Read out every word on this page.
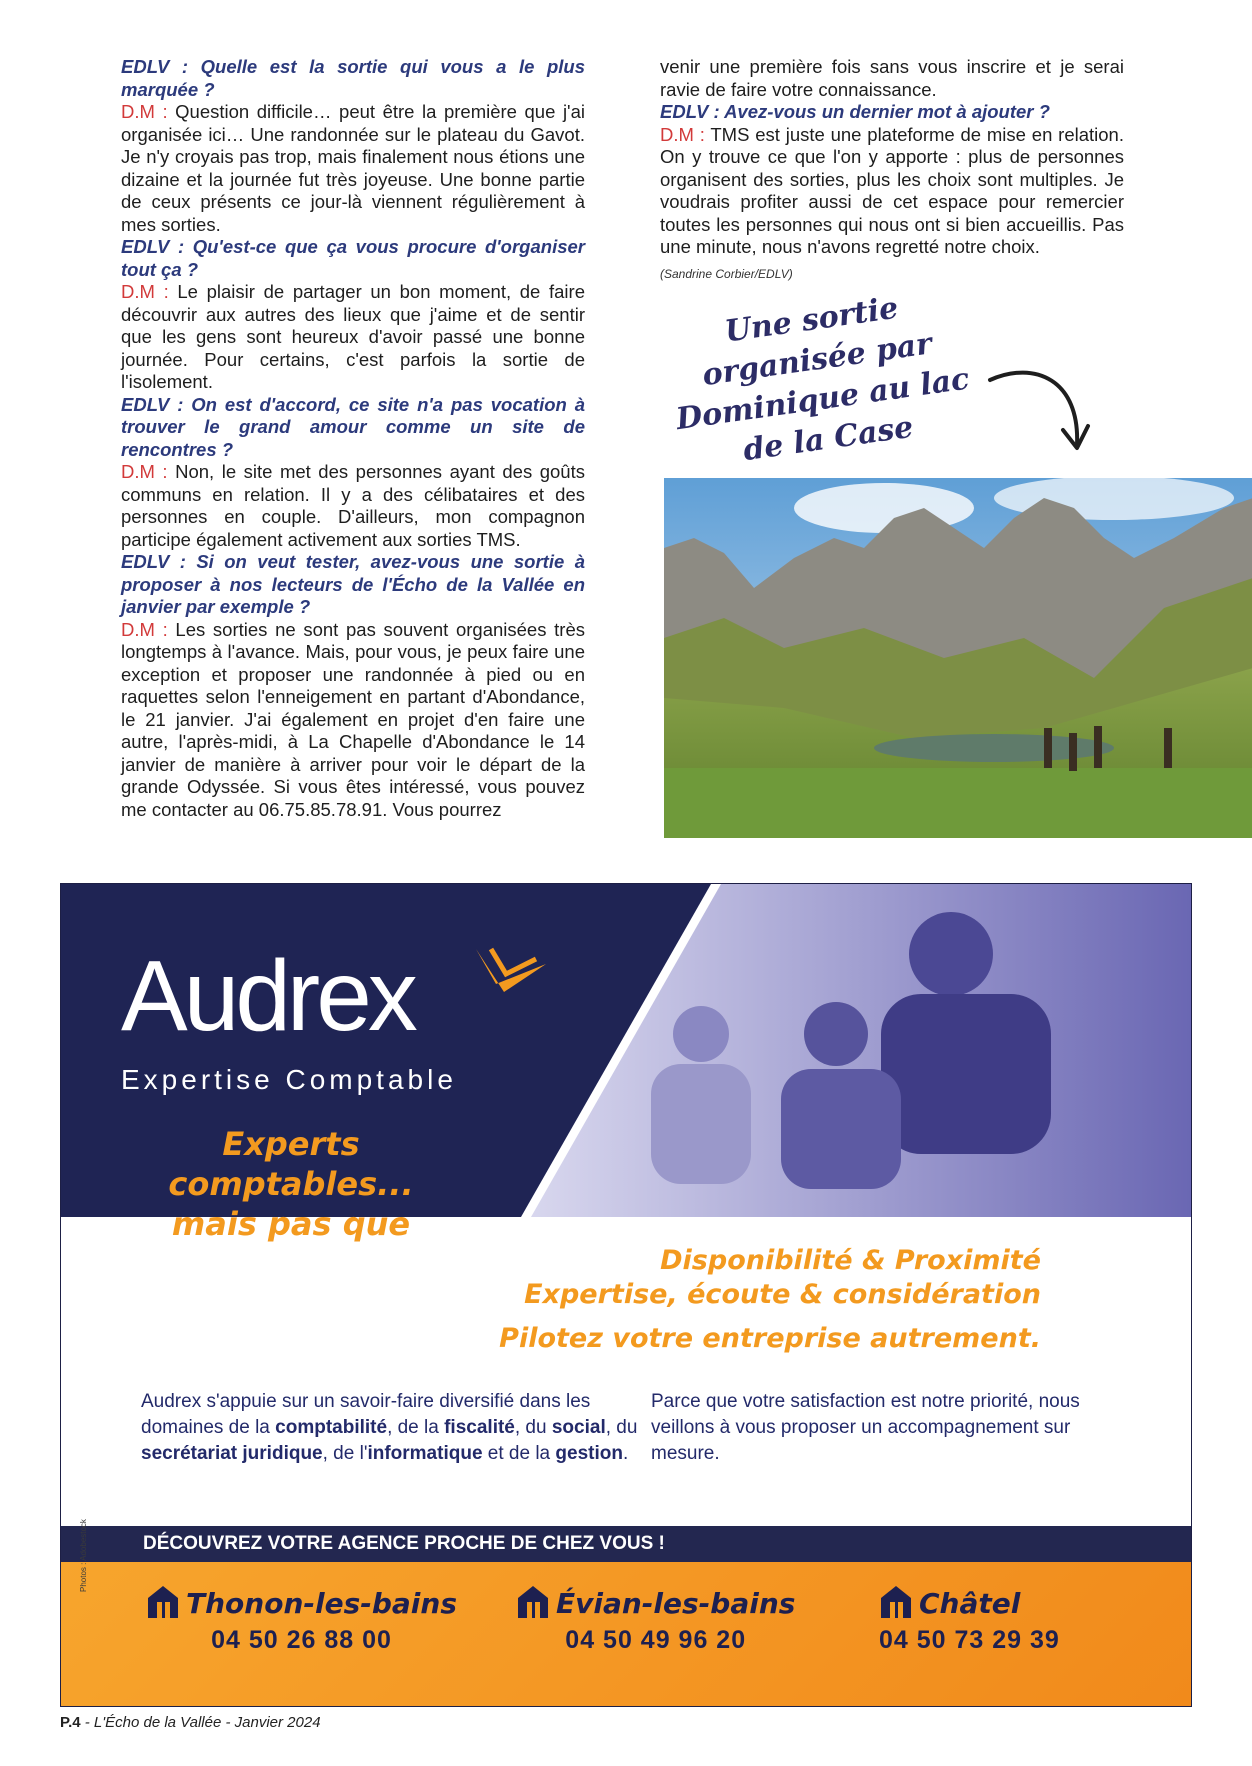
EDLV : Quelle est la sortie qui vous a le plus marquée ?

D.M : Question difficile… peut être la première que j'ai organisée ici… Une randonnée sur le plateau du Gavot. Je n'y croyais pas trop, mais finalement nous étions une dizaine et la journée fut très joyeuse. Une bonne partie de ceux présents ce jour-là viennent régulièrement à mes sorties.

EDLV : Qu'est-ce que ça vous procure d'organiser tout ça ?

D.M : Le plaisir de partager un bon moment, de faire découvrir aux autres des lieux que j'aime et de sentir que les gens sont heureux d'avoir passé une bonne journée. Pour certains, c'est parfois la sortie de l'isolement.

EDLV : On est d'accord, ce site n'a pas vocation à trouver le grand amour comme un site de rencontres ?

D.M : Non, le site met des personnes ayant des goûts communs en relation. Il y a des célibataires et des personnes en couple. D'ailleurs, mon compagnon participe également activement aux sorties TMS.

EDLV : Si on veut tester, avez-vous une sortie à proposer à nos lecteurs de l'Écho de la Vallée en janvier par exemple ?

D.M : Les sorties ne sont pas souvent organisées très longtemps à l'avance. Mais, pour vous, je peux faire une exception et proposer une randonnée à pied ou en raquettes selon l'enneigement en partant d'Abondance, le 21 janvier. J'ai également en projet d'en faire une autre, l'après-midi, à La Chapelle d'Abondance le 14 janvier de manière à arriver pour voir le départ de la grande Odyssée. Si vous êtes intéressé, vous pouvez me contacter au 06.75.85.78.91. Vous pourrez

venir une première fois sans vous inscrire et je serai ravie de faire votre connaissance.

EDLV : Avez-vous un dernier mot à ajouter ?

D.M : TMS est juste une plateforme de mise en relation. On y trouve ce que l'on y apporte : plus de personnes organisent des sorties, plus les choix sont multiples. Je voudrais profiter aussi de cet espace pour remercier toutes les personnes qui nous ont si bien accueillis. Pas une minute, nous n'avons regretté notre choix.

(Sandrine Corbier/EDLV)
Une sortie organisée par Dominique au lac de la Case
Audrex
Expertise Comptable
Experts comptables...
mais pas que
Disponibilité & Proximité
Expertise, écoute & considération
Pilotez votre entreprise autrement.
Audrex s'appuie sur un savoir-faire diversifié dans les domaines de la comptabilité, de la fiscalité, du social, du secrétariat juridique, de l'informatique et de la gestion.
Parce que votre satisfaction est notre priorité, nous veillons à vous proposer un accompagnement sur mesure.
DÉCOUVREZ VOTRE AGENCE PROCHE DE CHEZ VOUS !
Photos : Adobestock
Thonon-les-bains
04 50 26 88 00
Évian-les-bains
04 50 49 96 20
Châtel
04 50 73 29 39
P.4 - L'Écho de la Vallée - Janvier 2024
